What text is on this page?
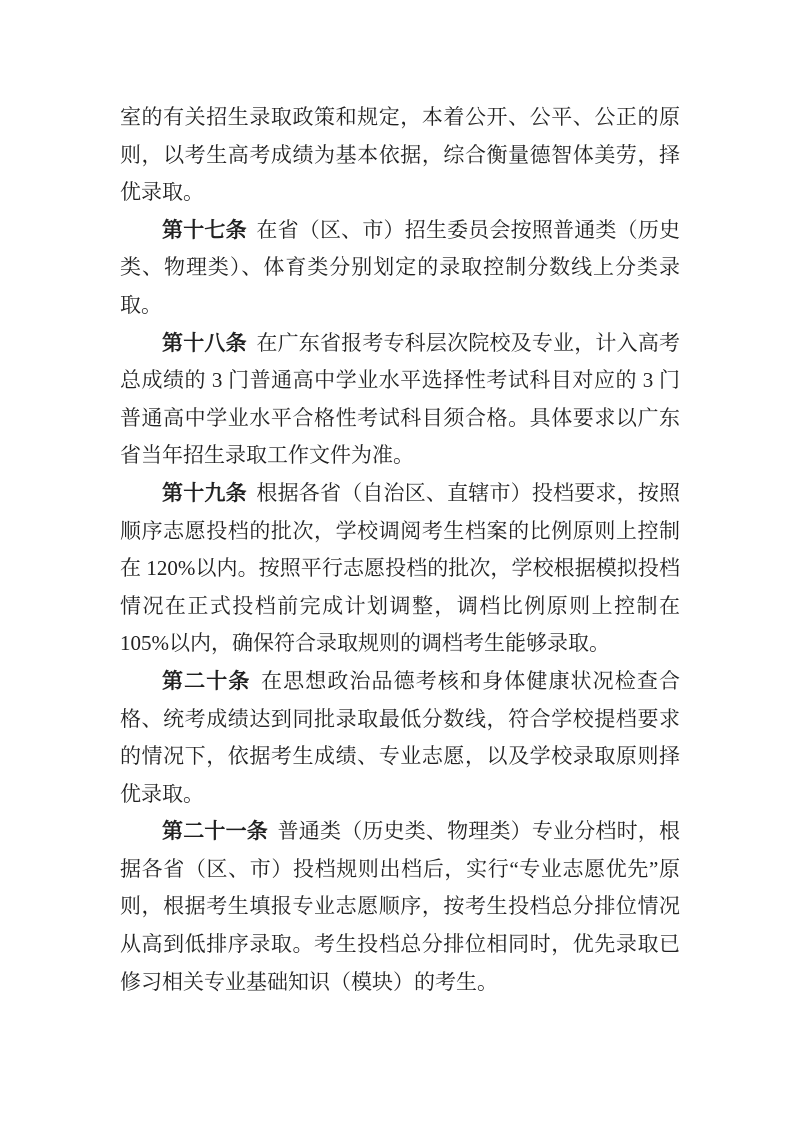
室的有关招生录取政策和规定，本着公开、公平、公正的原则，以考生高考成绩为基本依据，综合衡量德智体美劳，择优录取。

第十七条 在省（区、市）招生委员会按照普通类（历史类、物理类）、体育类分别划定的录取控制分数线上分类录取。

第十八条 在广东省报考专科层次院校及专业，计入高考总成绩的 3 门普通高中学业水平选择性考试科目对应的 3 门普通高中学业水平合格性考试科目须合格。具体要求以广东省当年招生录取工作文件为准。

第十九条 根据各省（自治区、直辖市）投档要求，按照顺序志愿投档的批次，学校调阅考生档案的比例原则上控制在 120%以内。按照平行志愿投档的批次，学校根据模拟投档情况在正式投档前完成计划调整，调档比例原则上控制在 105%以内，确保符合录取规则的调档考生能够录取。

第二十条 在思想政治品德考核和身体健康状况检查合格、统考成绩达到同批录取最低分数线，符合学校提档要求的情况下，依据考生成绩、专业志愿，以及学校录取原则择优录取。

第二十一条 普通类（历史类、物理类）专业分档时，根据各省（区、市）投档规则出档后，实行“专业志愿优先”原则，根据考生填报专业志愿顺序，按考生投档总分排位情况从高到低排序录取。考生投档总分排位相同时，优先录取已修习相关专业基础知识（模块）的考生。
